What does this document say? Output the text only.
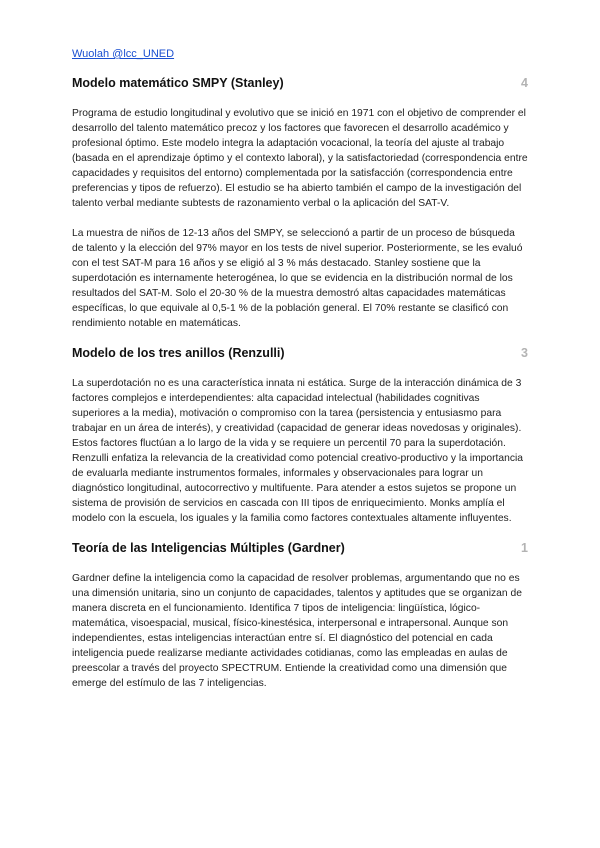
Wuolah @lcc_UNED
Modelo matemático SMPY (Stanley)	4

Programa de estudio longitudinal y evolutivo que se inició en 1971 con el objetivo de comprender el desarrollo del talento matemático precoz y los factores que favorecen el desarrollo académico y profesional óptimo. Este modelo integra la adaptación vocacional, la teoría del ajuste al trabajo (basada en el aprendizaje óptimo y el contexto laboral), y la satisfactoriedad (correspondencia entre capacidades y requisitos del entorno) complementada por la satisfacción (correspondencia entre preferencias y tipos de refuerzo). El estudio se ha abierto también el campo de la investigación del talento verbal mediante subtests de razonamiento verbal o la aplicación del SAT-V.

La muestra de niños de 12-13 años del SMPY, se seleccionó a partir de un proceso de búsqueda de talento y la elección del 97% mayor en los tests de nivel superior. Posteriormente, se les evaluó con el test SAT-M para 16 años y se eligió al 3 % más destacado. Stanley sostiene que la superdotación es internamente heterogénea, lo que se evidencia en la distribución normal de los resultados del SAT-M. Solo el 20-30 % de la muestra demostró altas capacidades matemáticas específicas, lo que equivale al 0,5-1 % de la población general. El 70% restante se clasificó con rendimiento notable en matemáticas.

Modelo de los tres anillos (Renzulli)	3

La superdotación no es una característica innata ni estática. Surge de la interacción dinámica de 3 factores complejos e interdependientes: alta capacidad intelectual (habilidades cognitivas superiores a la media), motivación o compromiso con la tarea (persistencia y entusiasmo para trabajar en un área de interés), y creatividad (capacidad de generar ideas novedosas y originales). Estos factores fluctúan a lo largo de la vida y se requiere un percentil 70 para la superdotación. Renzulli enfatiza la relevancia de la creatividad como potencial creativo-productivo y la importancia de evaluarla mediante instrumentos formales, informales y observacionales para lograr un diagnóstico longitudinal, autocorrectivo y multifuente. Para atender a estos sujetos se propone un sistema de provisión de servicios en cascada con III tipos de enriquecimiento. Monks amplía el modelo con la escuela, los iguales y la familia como factores contextuales altamente influyentes.

Teoría de las Inteligencias Múltiples (Gardner)	1

Gardner define la inteligencia como la capacidad de resolver problemas, argumentando que no es una dimensión unitaria, sino un conjunto de capacidades, talentos y aptitudes que se organizan de manera discreta en el funcionamiento. Identifica 7 tipos de inteligencia: lingüística, lógico-matemática, visoespacial, musical, físico-kinestésica, interpersonal e intrapersonal. Aunque son independientes, estas inteligencias interactúan entre sí. El diagnóstico del potencial en cada inteligencia puede realizarse mediante actividades cotidianas, como las empleadas en aulas de preescolar a través del proyecto SPECTRUM. Entiende la creatividad como una dimensión que emerge del estímulo de las 7 inteligencias.
